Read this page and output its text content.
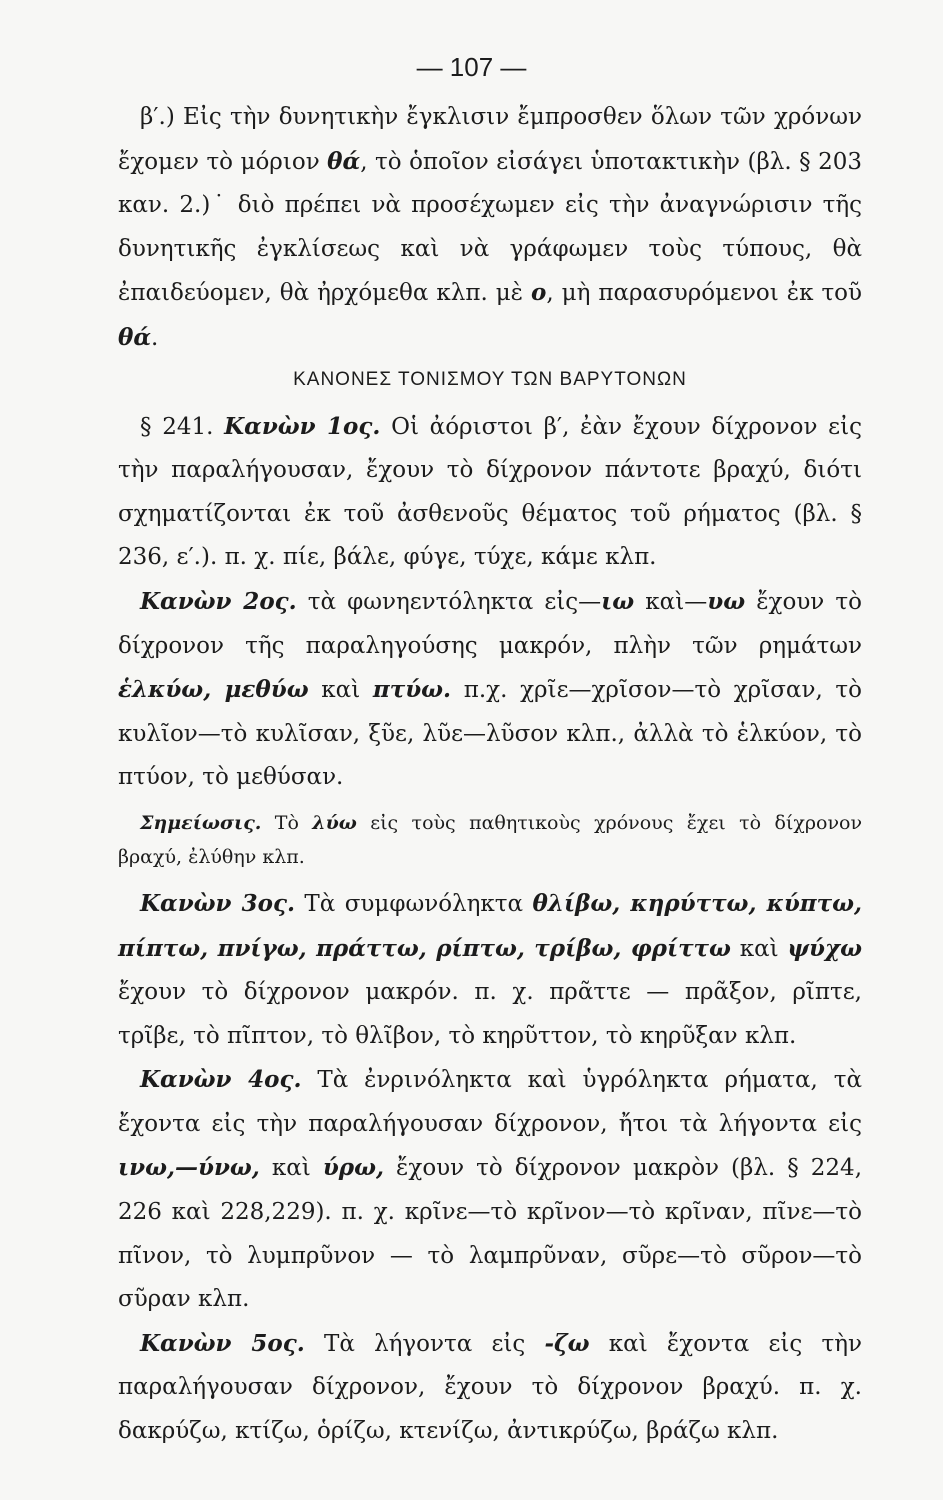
— 107 —

β′.) Εἰς τὴν δυνητικὴν ἔγκλισιν ἔμπροσθεν ὅλων τῶν χρόνων ἔχομεν τὸ μόριον θά, τὸ ὁποῖον εἰσάγει ὑποτακτικὴν (βλ. § 203 καν. 2.)˙ διὸ πρέπει νὰ προσέχωμεν εἰς τὴν ἀναγνώρισιν τῆς δυνητικῆς ἐγκλίσεως καὶ νὰ γράφωμεν τοὺς τύπους, θὰ ἐπαιδεύομεν, θὰ ἠρχόμεθα κλπ. μὲ ο, μὴ παρασυρόμενοι ἐκ τοῦ θά.

ΚΑΝΟΝΕΣ ΤΟΝΙΣΜΟΥ ΤΩΝ ΒΑΡΥΤΟΝΩΝ

§ 241. Κανὼν 1ος. Οἱ ἀόριστοι β′, ἐὰν ἔχουν δίχρονον εἰς τὴν παραλήγουσαν, ἔχουν τὸ δίχρονον πάντοτε βραχύ, διότι σχηματίζονται ἐκ τοῦ ἀσθενοῦς θέματος τοῦ ρήματος (βλ. § 236, ε′.). π. χ. πίε, βάλε, φύγε, τύχε, κάμε κλπ.

Κανὼν 2ος. τὰ φωνηεντόληκτα εἰς—ιω καὶ—υω ἔχουν τὸ δίχρονον τῆς παραληγούσης μακρόν, πλὴν τῶν ρημάτων ἑλκύω, μεθύω καὶ πτύω. π.χ. χρῖε—χρῖσον—τὸ χρῖσαν, τὸ κυλῖον—τὸ κυλῖσαν, ξῦε, λῦε—λῦσον κλπ., ἀλλὰ τὸ ἑλκύον, τὸ πτύον, τὸ μεθύσαν.

Σημείωσις. Τὸ λύω εἰς τοὺς παθητικοὺς χρόνους ἔχει τὸ δίχρονον βραχύ, ἐλύθην κλπ.

Κανὼν 3ος. Τὰ συμφωνόληκτα θλίβω, κηρύττω, κύπτω, πίπτω, πνίγω, πράττω, ρίπτω, τρίβω, φρίττω καὶ ψύχω ἔχουν τὸ δίχρονον μακρόν. π. χ. πρᾶττε — πρᾶξον, ρῖπτε, τρῖβε, τὸ πῖπτον, τὸ θλῖβον, τὸ κηρῦττον, τὸ κηρῦξαν κλπ.

Κανὼν 4ος. Τὰ ἐνρινόληκτα καὶ ὑγρόληκτα ρήματα, τὰ ἔχοντα εἰς τὴν παραλήγουσαν δίχρονον, ἤτοι τὰ λήγοντα εἰς ινω,—ύνω, καὶ ύρω, ἔχουν τὸ δίχρονον μακρὸν (βλ. § 224, 226 καὶ 228,229). π. χ. κρῖνε—τὸ κρῖνον—τὸ κρῖναν, πῖνε—τὸ πῖνον, τὸ λυμπρῦνον — τὸ λαμπρῦναν, σῦρε—τὸ σῦρον—τὸ σῦραν κλπ.

Κανὼν 5ος. Τὰ λήγοντα εἰς -ζω καὶ ἔχοντα εἰς τὴν παραλήγουσαν δίχρονον, ἔχουν τὸ δίχρονον βραχύ. π. χ. δακρύζω, κτίζω, ὁρίζω, κτενίζω, ἀντικρύζω, βράζω κλπ.
